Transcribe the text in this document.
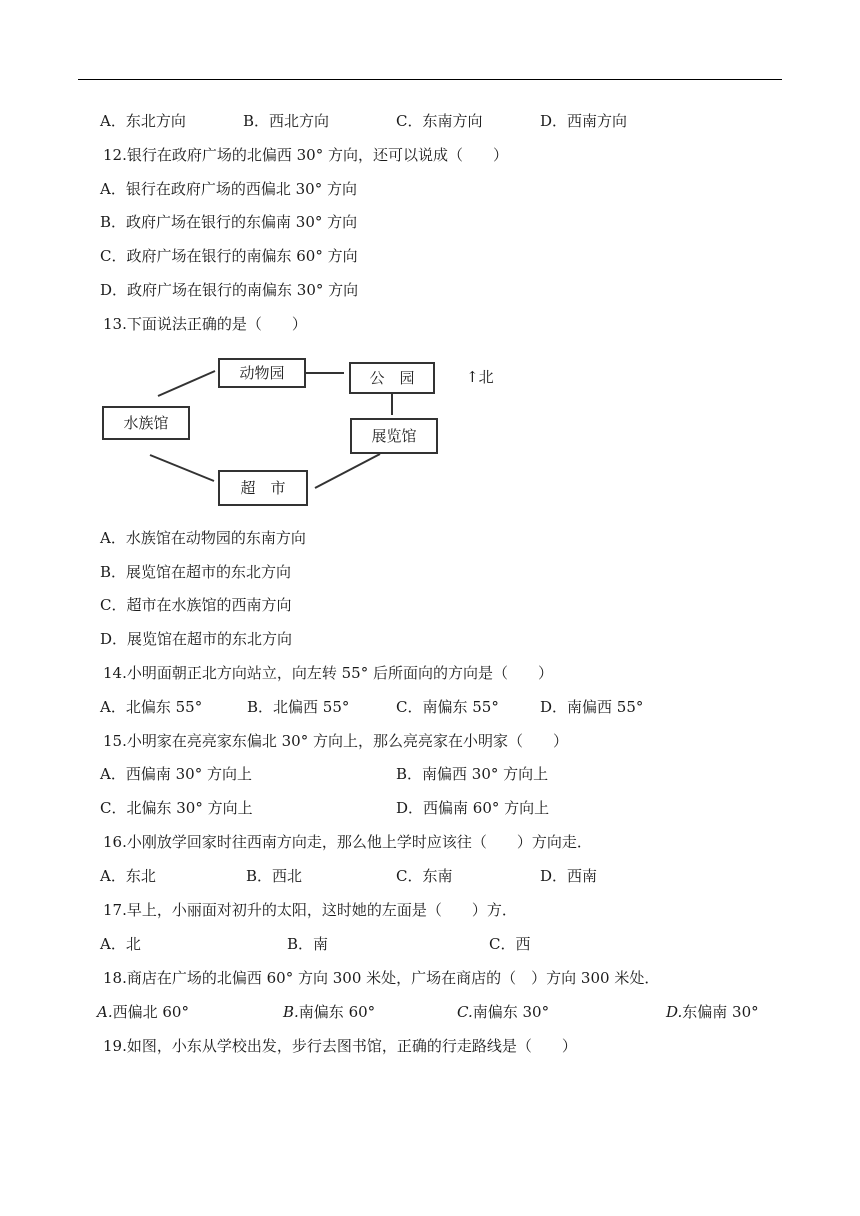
A．东北方向	B．西北方向	C．东南方向	D．西南方向
12.银行在政府广场的北偏西 30° 方向，还可以说成（　　）
A．银行在政府广场的西偏北 30° 方向
B．政府广场在银行的东偏南 30° 方向
C．政府广场在银行的南偏东 60° 方向
D．政府广场在银行的南偏东 30° 方向
13.下面说法正确的是（　　）
动物园	公　园
水族馆
展览馆
超　市
↑北
A．水族馆在动物园的东南方向
B．展览馆在超市的东北方向
C．超市在水族馆的西南方向
D．展览馆在超市的东北方向
14.小明面朝正北方向站立，向左转 55° 后所面向的方向是（　　）
A．北偏东 55°	B．北偏西 55°	C．南偏东 55°	D．南偏西 55°
15.小明家在亮亮家东偏北 30° 方向上，那么亮亮家在小明家（　　）
A．西偏南 30° 方向上	B．南偏西 30° 方向上
C．北偏东 30° 方向上	D．西偏南 60° 方向上
16.小刚放学回家时往西南方向走，那么他上学时应该往（　　）方向走．
A．东北	B．西北	C．东南	D．西南
17.早上，小丽面对初升的太阳，这时她的左面是（　　）方．
A．北	B．南	C．西
18.商店在广场的北偏西 60° 方向 300 米处，广场在商店的（　）方向 300 米处．
A.西偏北 60°	B.南偏东 60°	C.南偏东 30°	D.东偏南 30°
19.如图，小东从学校出发，步行去图书馆，正确的行走路线是（　　）
